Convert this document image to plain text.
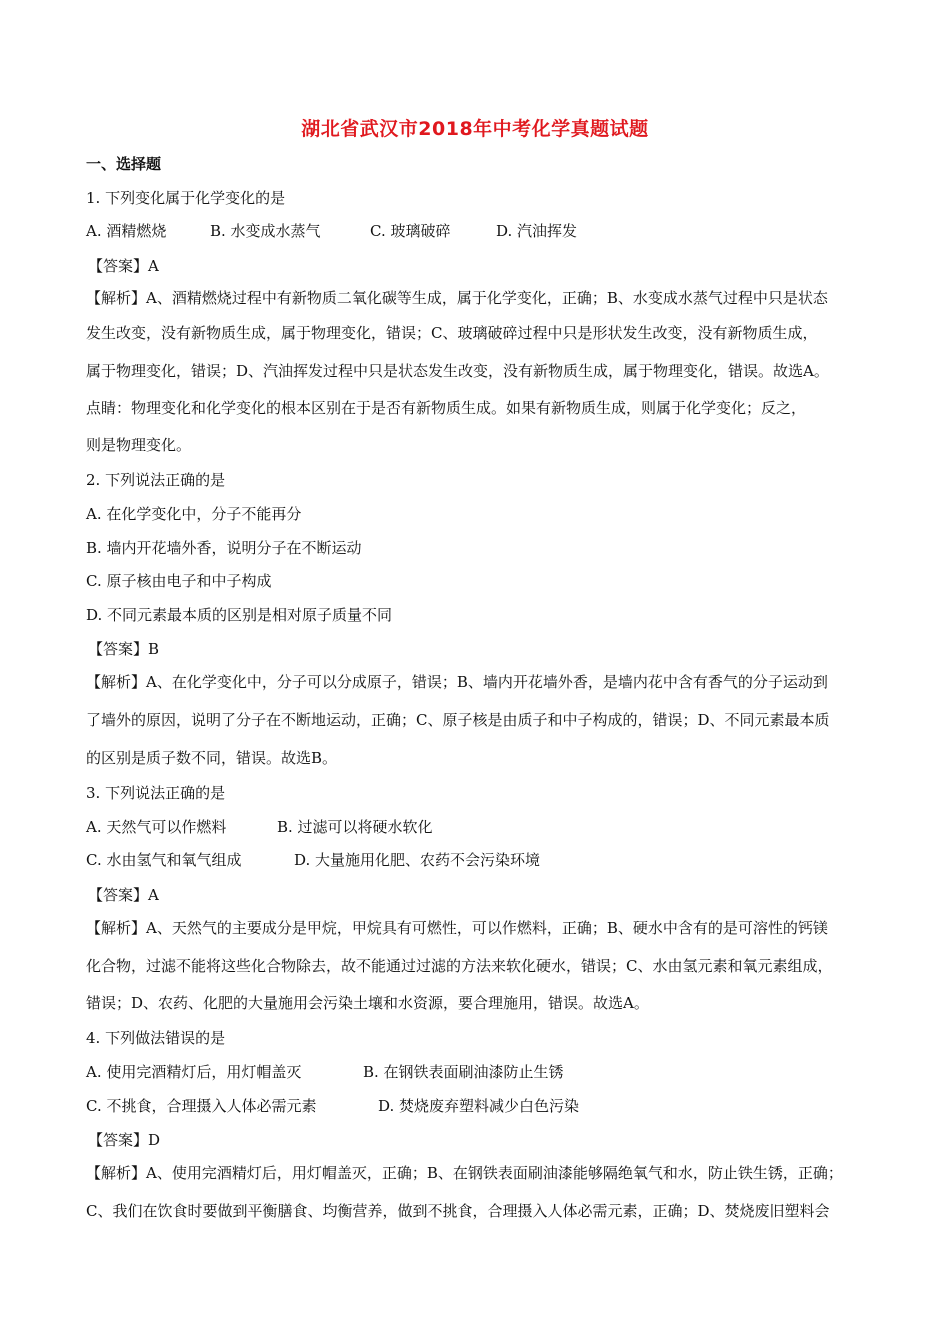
湖北省武汉市2018年中考化学真题试题
一、选择题
1. 下列变化属于化学变化的是
A. 酒精燃烧	B. 水变成水蒸气	C. 玻璃破碎	D. 汽油挥发
【答案】A
【解析】A、酒精燃烧过程中有新物质二氧化碳等生成，属于化学变化，正确；B、水变成水蒸气过程中只是状态
发生改变，没有新物质生成，属于物理变化，错误；C、玻璃破碎过程中只是形状发生改变，没有新物质生成，
属于物理变化，错误；D、汽油挥发过程中只是状态发生改变，没有新物质生成，属于物理变化，错误。故选A。
点睛：物理变化和化学变化的根本区别在于是否有新物质生成。如果有新物质生成，则属于化学变化；反之，
则是物理变化。
2. 下列说法正确的是
A. 在化学变化中，分子不能再分
B. 墙内开花墙外香，说明分子在不断运动
C. 原子核由电子和中子构成
D. 不同元素最本质的区别是相对原子质量不同
【答案】B
【解析】A、在化学变化中，分子可以分成原子，错误；B、墙内开花墙外香，是墙内花中含有香气的分子运动到
了墙外的原因，说明了分子在不断地运动，正确；C、原子核是由质子和中子构成的，错误；D、不同元素最本质
的区别是质子数不同，错误。故选B。
3. 下列说法正确的是
A. 天然气可以作燃料	B. 过滤可以将硬水软化
C. 水由氢气和氧气组成	D. 大量施用化肥、农药不会污染环境
【答案】A
【解析】A、天然气的主要成分是甲烷，甲烷具有可燃性，可以作燃料，正确；B、硬水中含有的是可溶性的钙镁
化合物，过滤不能将这些化合物除去，故不能通过过滤的方法来软化硬水，错误；C、水由氢元素和氧元素组成，
错误；D、农药、化肥的大量施用会污染土壤和水资源，要合理施用，错误。故选A。
4. 下列做法错误的是
A. 使用完酒精灯后，用灯帽盖灭	B. 在钢铁表面刷油漆防止生锈
C. 不挑食，合理摄入人体必需元素	D. 焚烧废弃塑料减少白色污染
【答案】D
【解析】A、使用完酒精灯后，用灯帽盖灭，正确；B、在钢铁表面刷油漆能够隔绝氧气和水，防止铁生锈，正确；
C、我们在饮食时要做到平衡膳食、均衡营养，做到不挑食，合理摄入人体必需元素，正确；D、焚烧废旧塑料会
